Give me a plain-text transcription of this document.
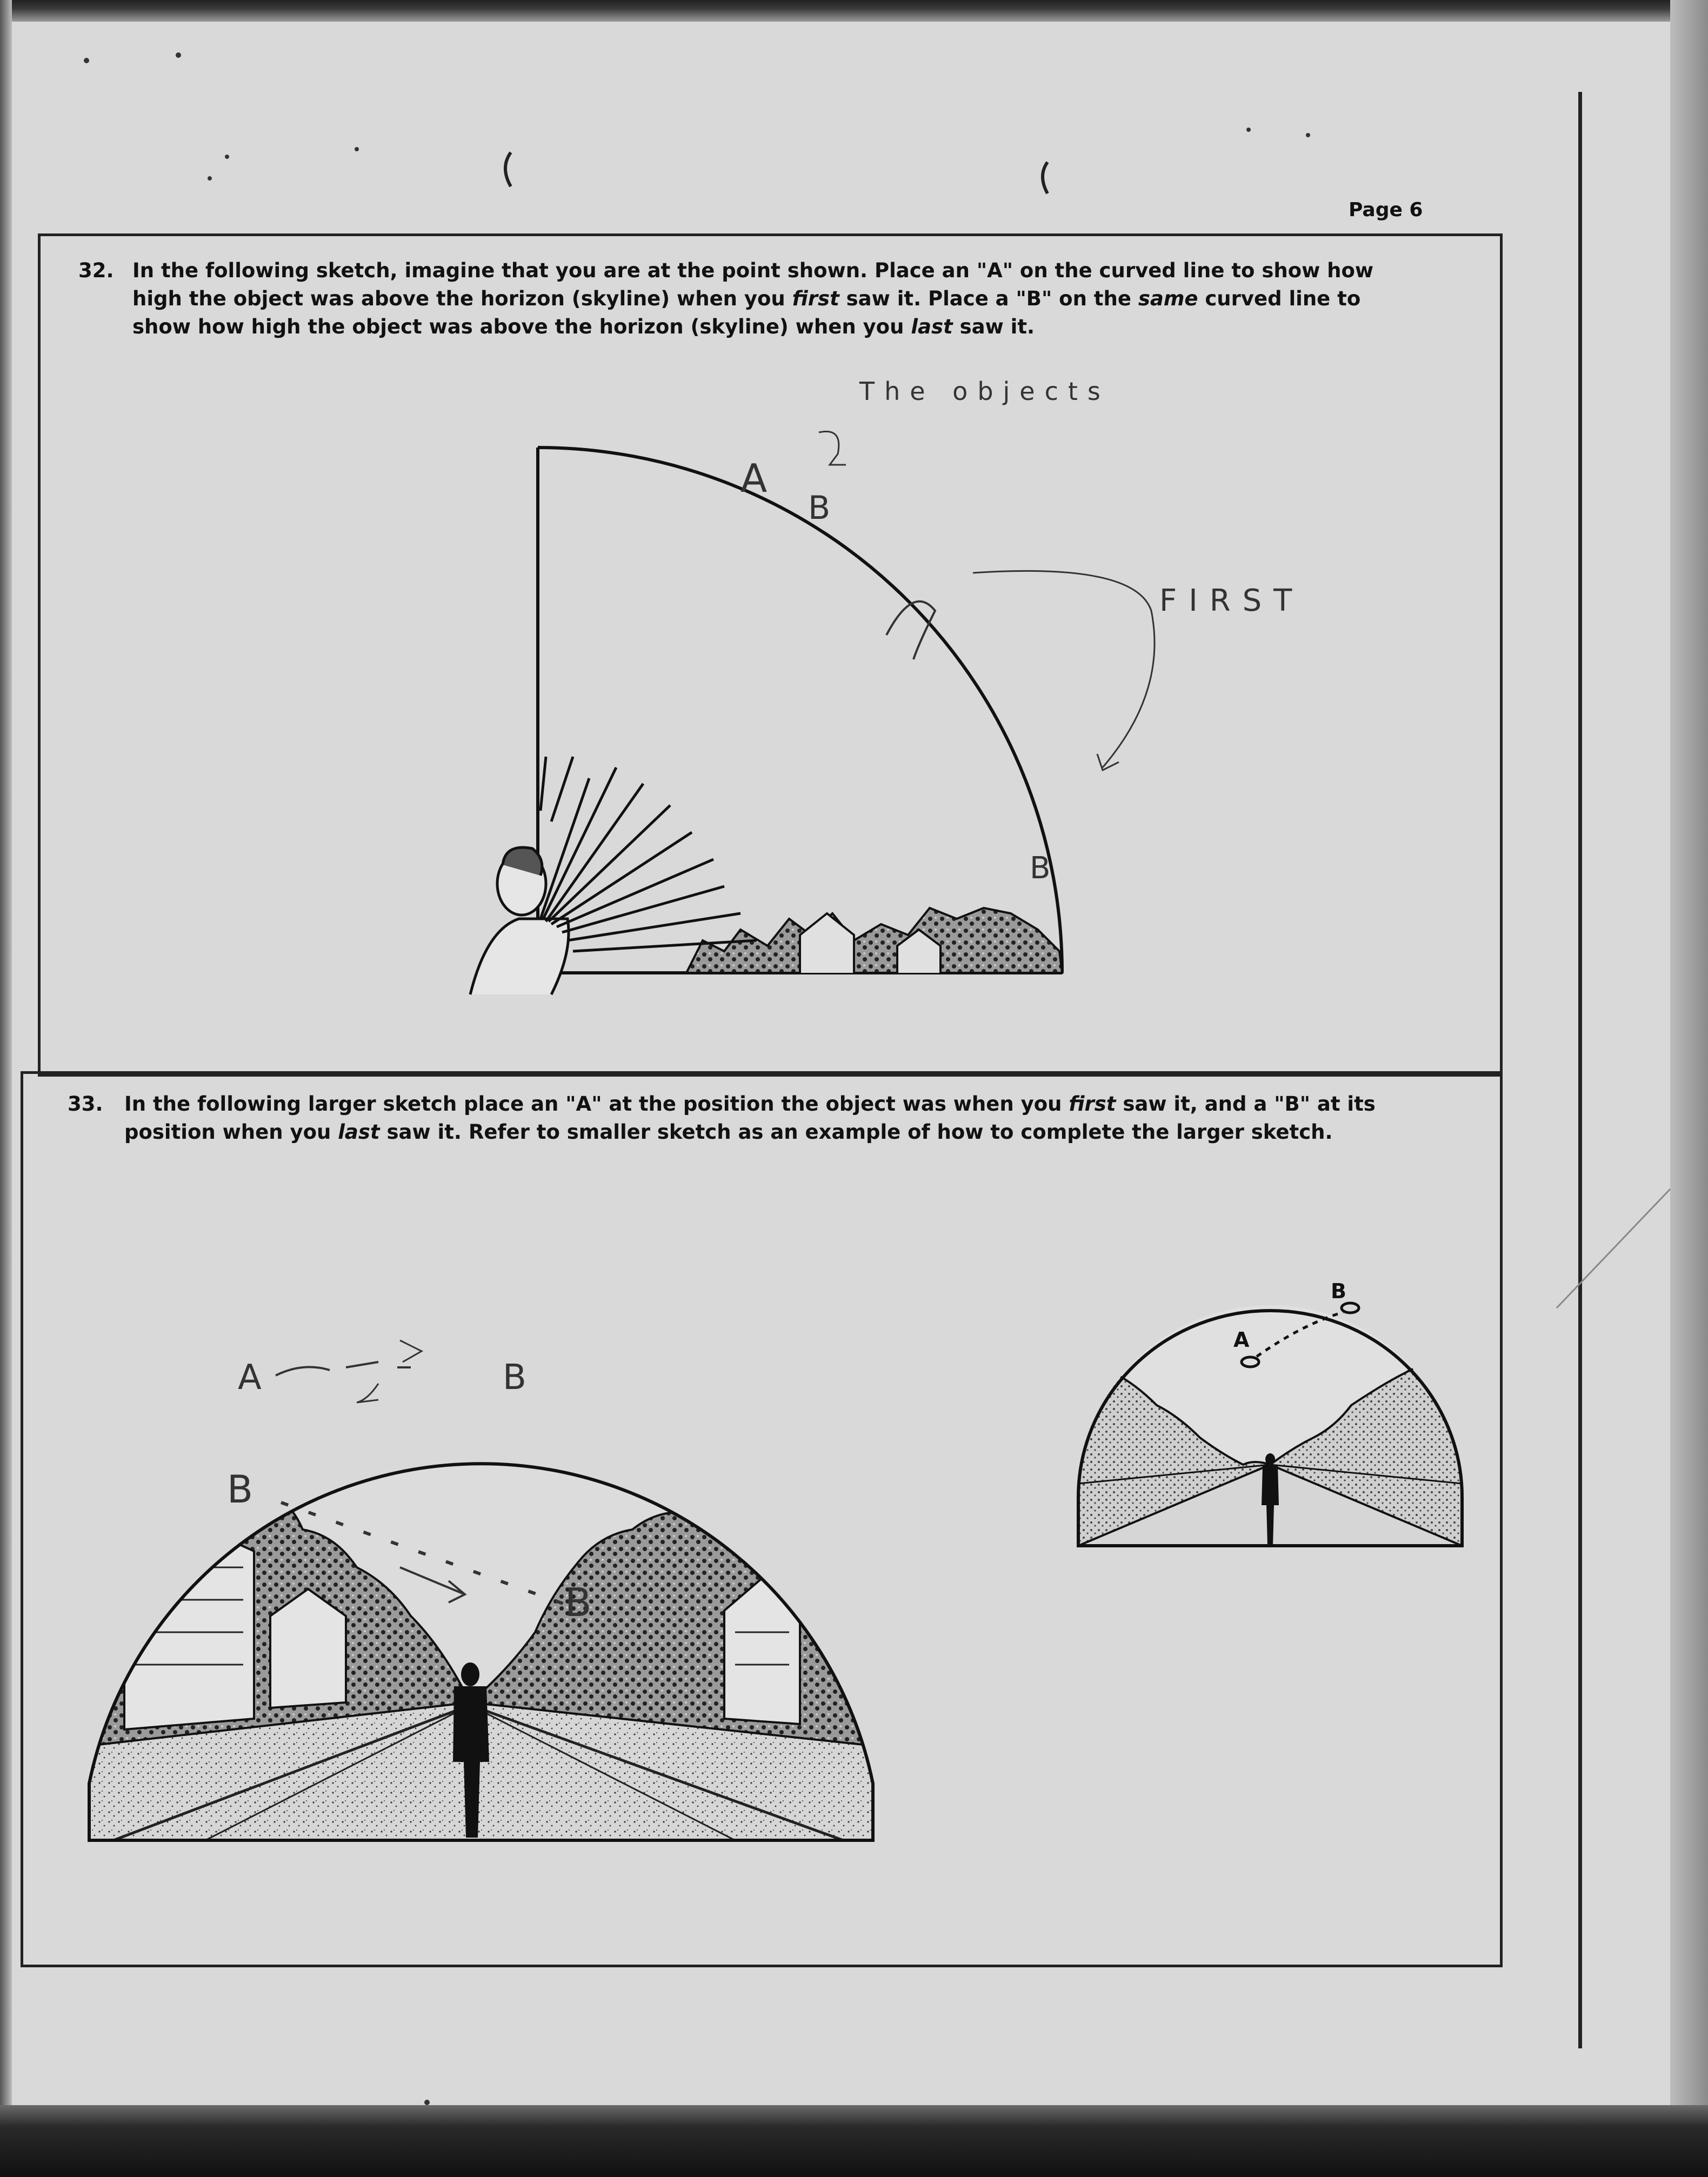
Page 6
32. In the following sketch, imagine that you are at the point shown. Place an "A" on the curved line to show how
high the object was above the horizon (skyline) when you first saw it. Place a "B" on the same curved line to
show how high the object was above the horizon (skyline) when you last saw it.
33. In the following larger sketch place an "A" at the position the object was when you first saw it, and a "B" at its
position when you last saw it. Refer to smaller sketch as an example of how to complete the larger sketch.
A
B
The objects
FIRST
B
A	B
B
B
A
B
